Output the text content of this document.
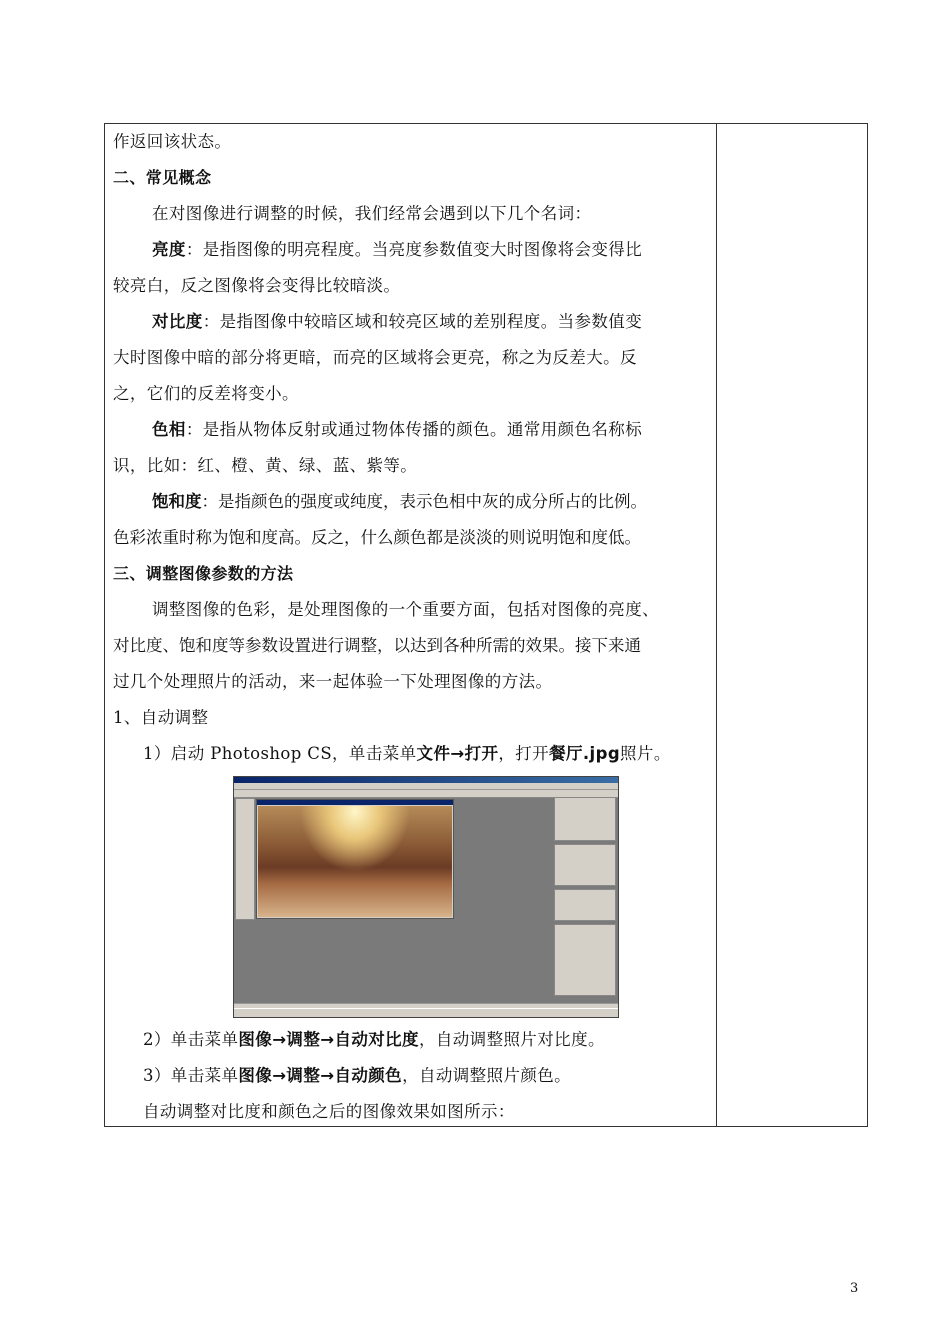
作返回该状态。
二、常见概念
在对图像进行调整的时候，我们经常会遇到以下几个名词：
亮度：是指图像的明亮程度。当亮度参数值变大时图像将会变得比
较亮白，反之图像将会变得比较暗淡。
对比度：是指图像中较暗区域和较亮区域的差别程度。当参数值变
大时图像中暗的部分将更暗，而亮的区域将会更亮，称之为反差大。反
之，它们的反差将变小。
色相：是指从物体反射或通过物体传播的颜色。通常用颜色名称标
识，比如：红、橙、黄、绿、蓝、紫等。
饱和度：是指颜色的强度或纯度，表示色相中灰的成分所占的比例。
色彩浓重时称为饱和度高。反之，什么颜色都是淡淡的则说明饱和度低。
三、调整图像参数的方法
调整图像的色彩，是处理图像的一个重要方面，包括对图像的亮度、
对比度、饱和度等参数设置进行调整，以达到各种所需的效果。接下来通
过几个处理照片的活动，来一起体验一下处理图像的方法。
1、自动调整
1）启动 Photoshop CS，单击菜单文件→打开，打开餐厅.jpg照片。
2）单击菜单图像→调整→自动对比度，自动调整照片对比度。
3）单击菜单图像→调整→自动颜色，自动调整照片颜色。
自动调整对比度和颜色之后的图像效果如图所示：
3
